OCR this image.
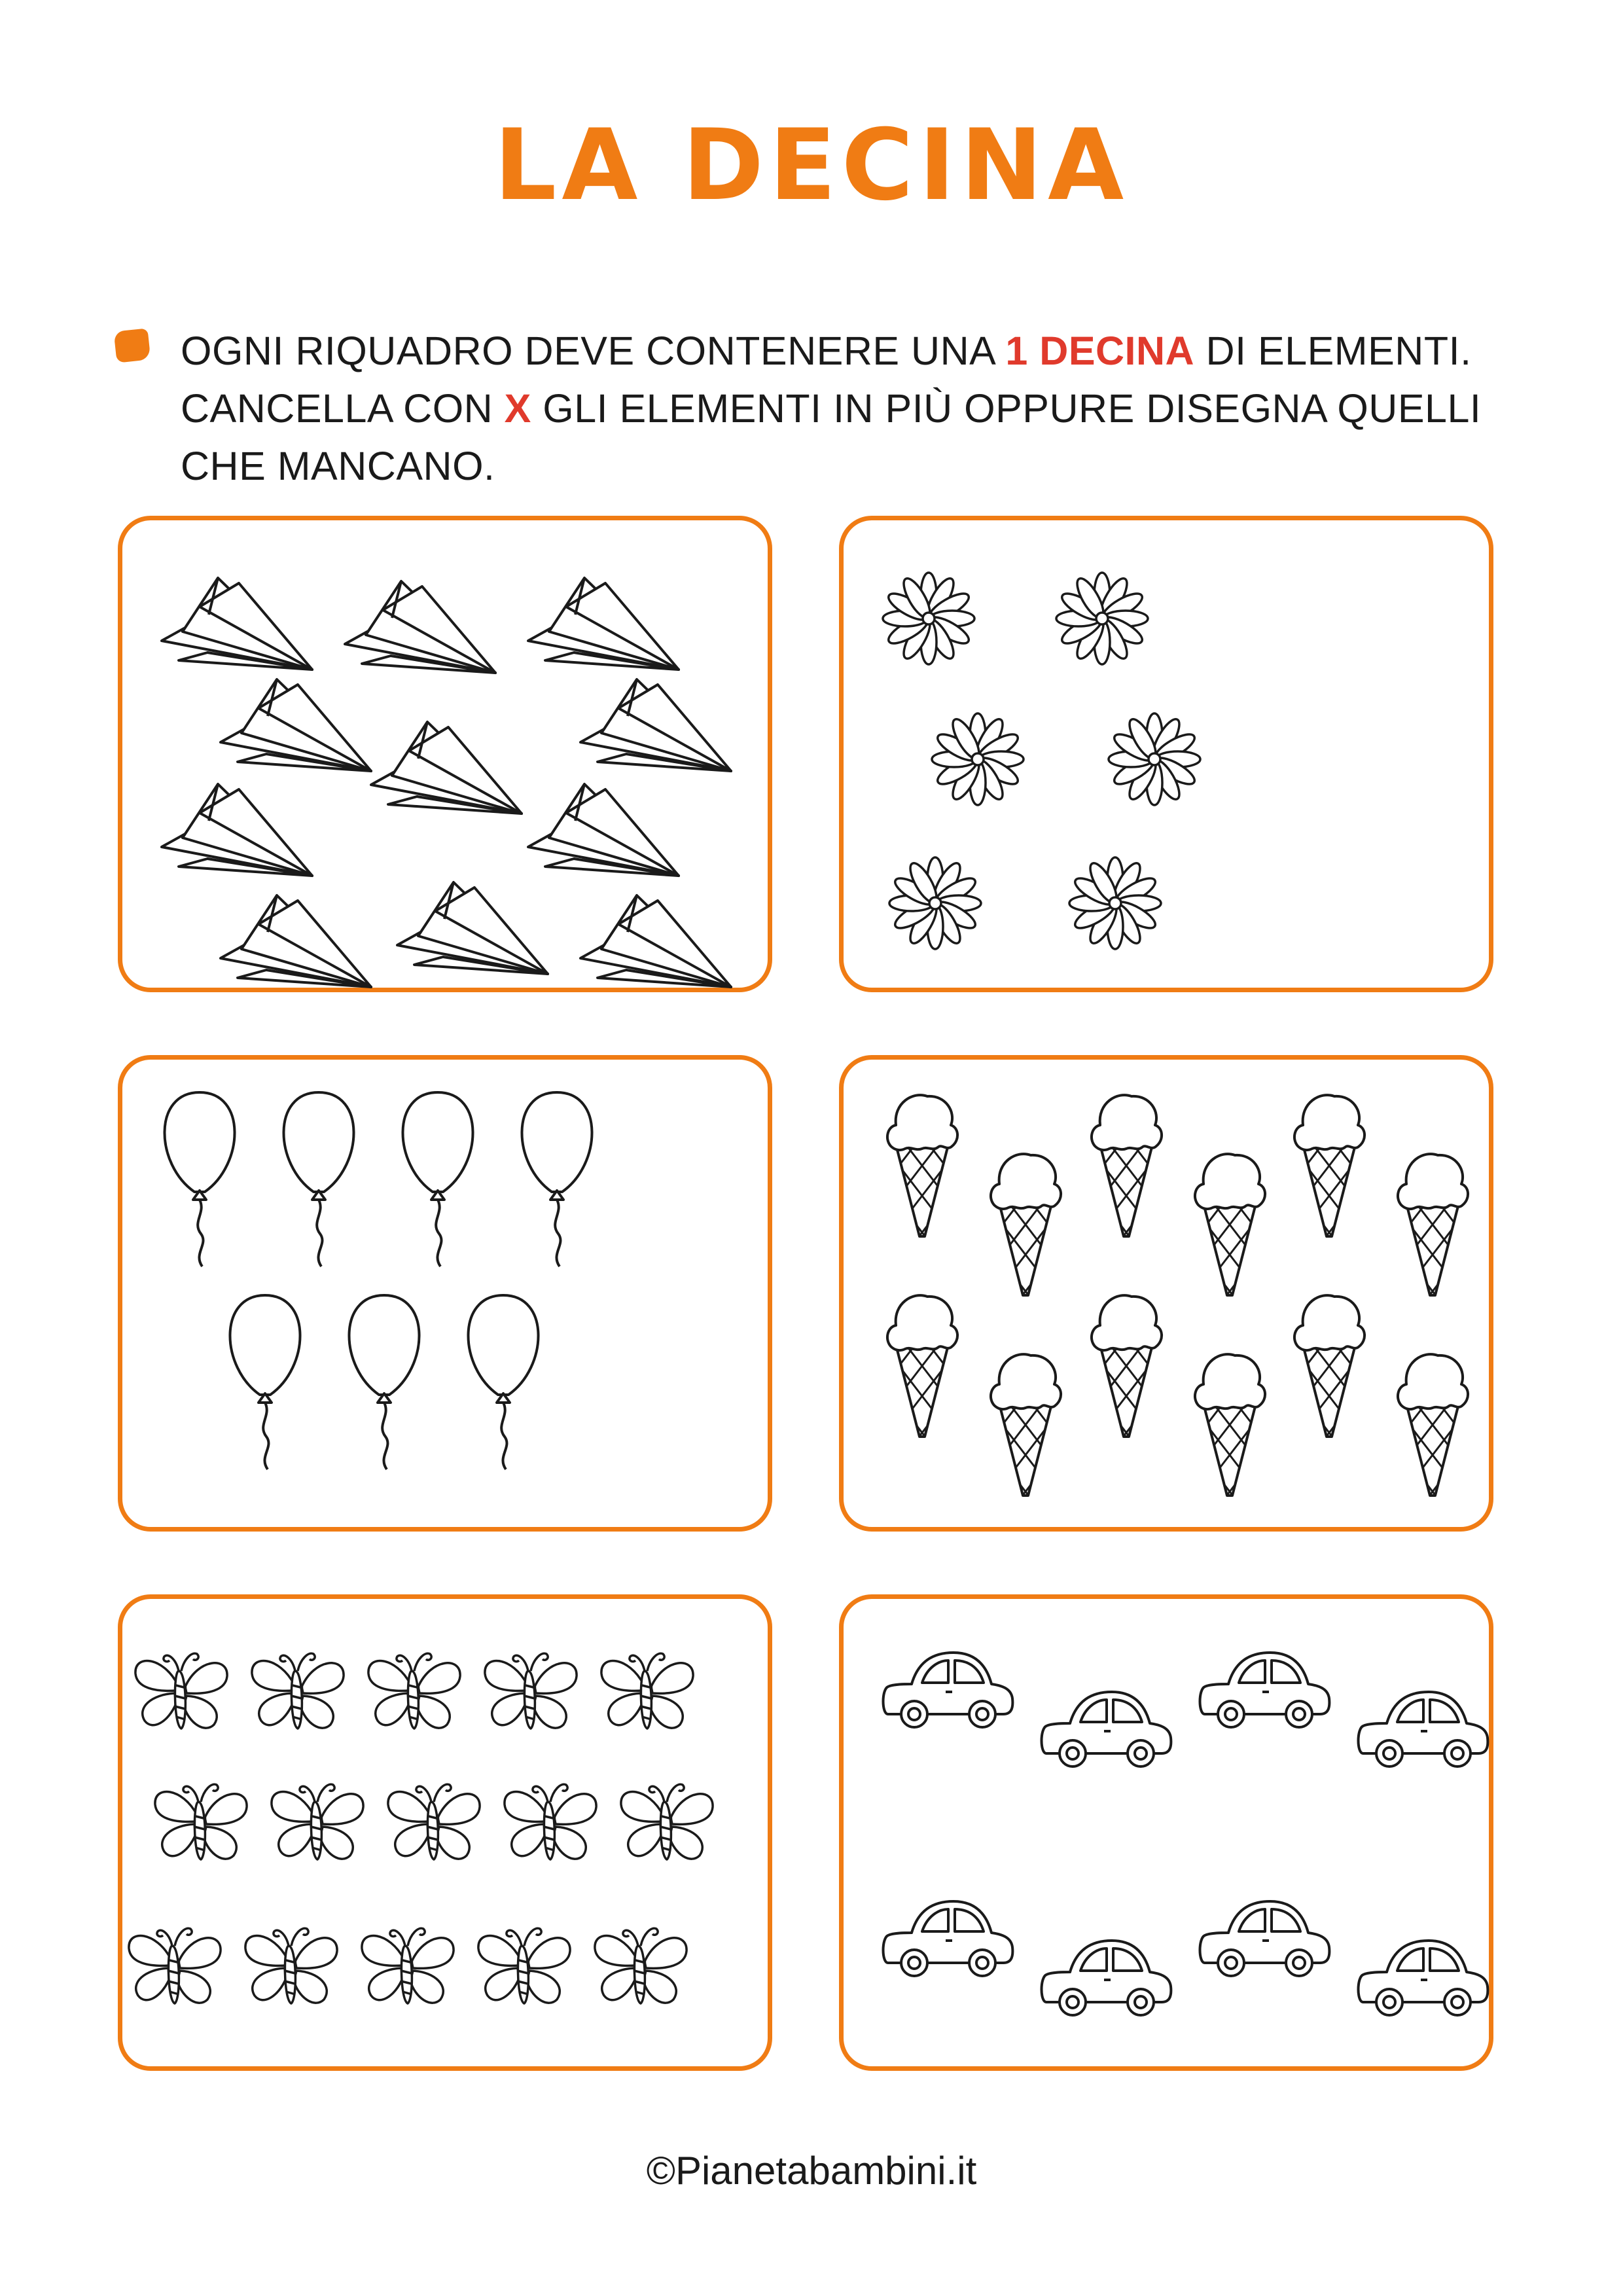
LA DECINA
OGNI RIQUADRO DEVE CONTENERE UNA 1 DECINA DI ELEMENTI.
CANCELLA CON X GLI ELEMENTI IN PIÙ OPPURE DISEGNA QUELLI
CHE MANCANO.
©Pianetabambini.it
